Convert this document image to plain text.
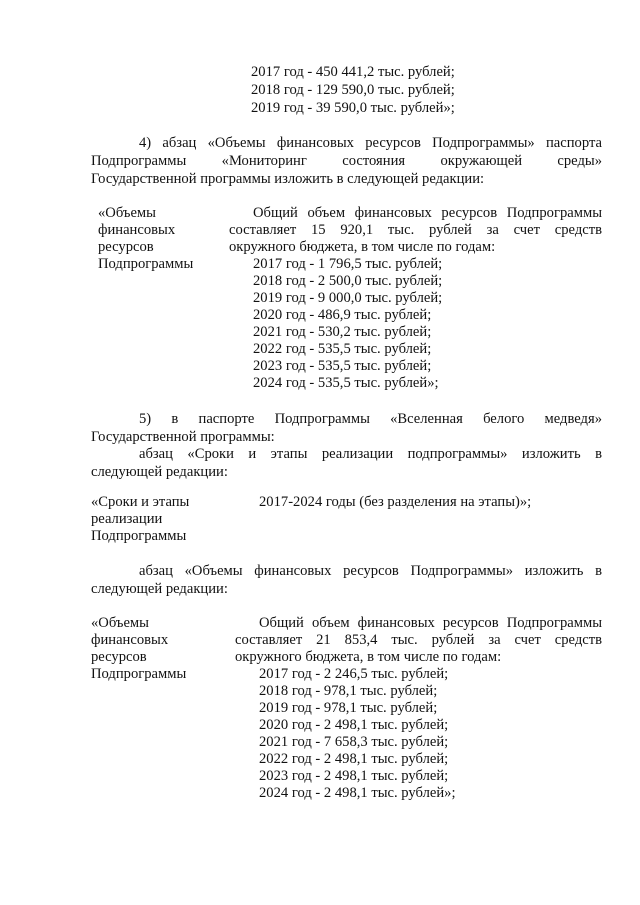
2017 год - 450 441,2 тыс. рублей;
2018 год - 129 590,0 тыс. рублей;
2019 год - 39 590,0 тыс. рублей»;
4) абзац «Объемы финансовых ресурсов Подпрограммы» паспорта
Подпрограммы «Мониторинг состояния окружающей среды»
Государственной программы изложить в следующей редакции:
«Объемы
финансовых
ресурсов
Подпрограммы
Общий объем финансовых ресурсов Подпрограммы
составляет 15 920,1 тыс. рублей за счет средств
окружного бюджета, в том числе по годам:
2017 год - 1 796,5 тыс. рублей;
2018 год - 2 500,0 тыс. рублей;
2019 год - 9 000,0 тыс. рублей;
2020 год - 486,9 тыс. рублей;
2021 год - 530,2 тыс. рублей;
2022 год - 535,5 тыс. рублей;
2023 год - 535,5 тыс. рублей;
2024 год - 535,5 тыс. рублей»;
5) в паспорте Подпрограммы «Вселенная белого медведя»
Государственной программы:
абзац «Сроки и этапы реализации подпрограммы» изложить в
следующей редакции:
«Сроки и этапы
реализации
Подпрограммы
2017-2024 годы (без разделения на этапы)»;
абзац «Объемы финансовых ресурсов Подпрограммы» изложить в
следующей редакции:
«Объемы
финансовых
ресурсов
Подпрограммы
Общий объем финансовых ресурсов Подпрограммы
составляет 21 853,4 тыс. рублей за счет средств
окружного бюджета, в том числе по годам:
2017 год - 2 246,5 тыс. рублей;
2018 год - 978,1 тыс. рублей;
2019 год - 978,1 тыс. рублей;
2020 год - 2 498,1 тыс. рублей;
2021 год - 7 658,3 тыс. рублей;
2022 год - 2 498,1 тыс. рублей;
2023 год - 2 498,1 тыс. рублей;
2024 год - 2 498,1 тыс. рублей»;
